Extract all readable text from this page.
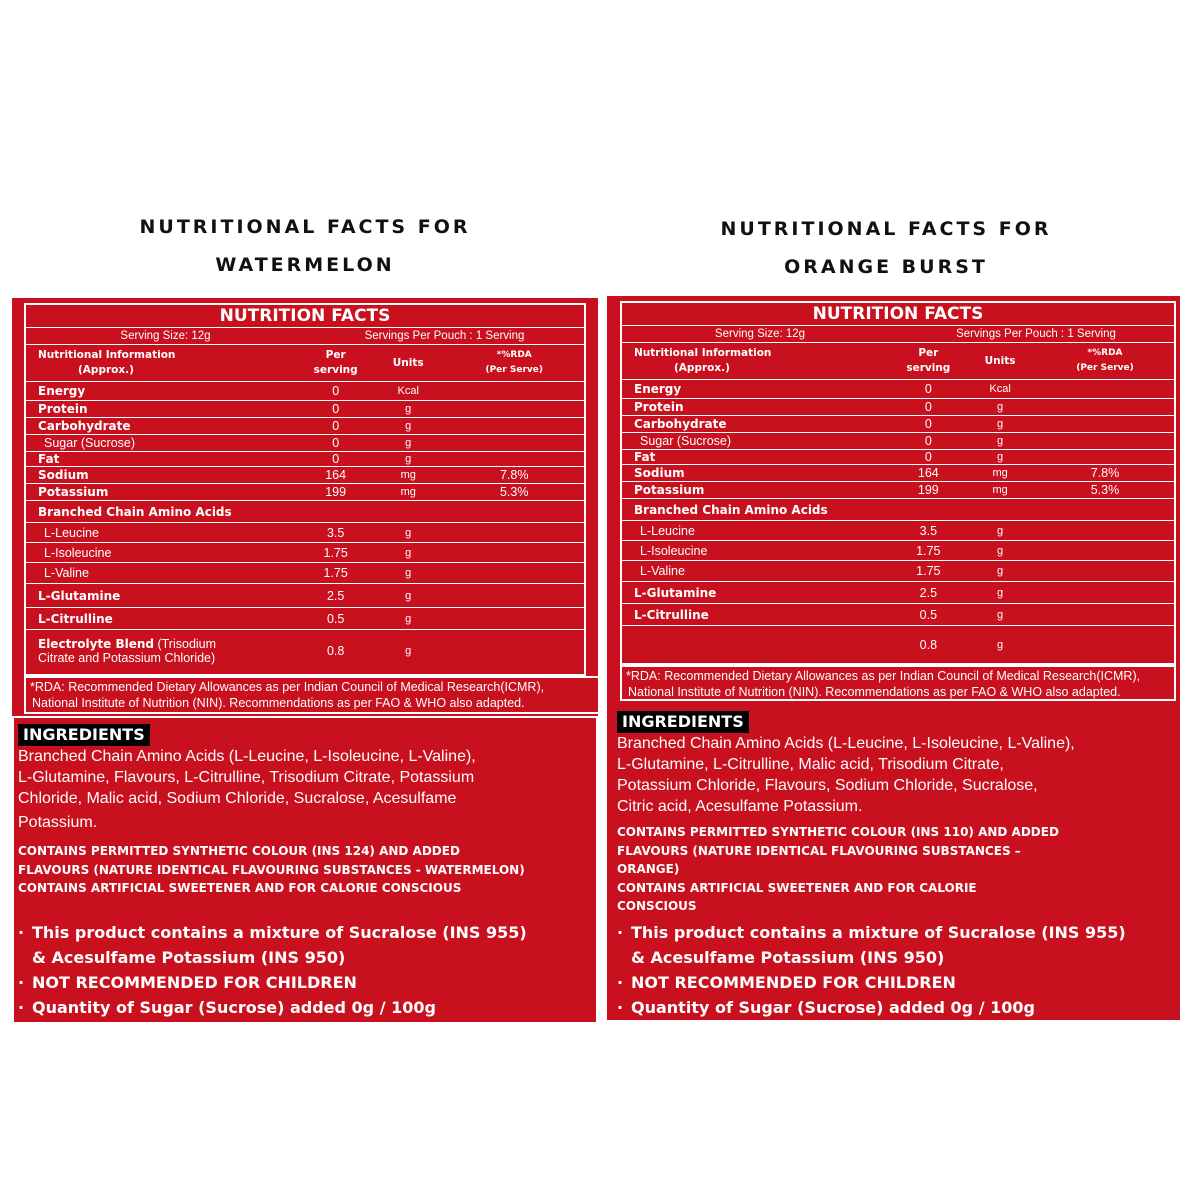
NUTRITIONAL FACTS FOR
WATERMELON
NUTRITION FACTS
Serving Size: 12g	Servings Per Pouch : 1 Serving
Nutritional Information
(Approx.)
Per
serving
Units
*%RDA
(Per Serve)
Energy	0	Kcal
Protein	0	g
Carbohydrate	0	g
Sugar (Sucrose)	0	g
Fat	0	g
Sodium	164	mg	7.8%
Potassium	199	mg	5.3%
Branched Chain Amino Acids
L-Leucine	3.5	g
L-Isoleucine	1.75	g
L-Valine	1.75	g
L-Glutamine	2.5	g
L-Citrulline	0.5	g
Electrolyte Blend (Trisodium
Citrate and Potassium Chloride)	0.8	g
*RDA: Recommended Dietary Allowances as per Indian Council of Medical Research(ICMR),
National Institute of Nutrition (NIN). Recommendations as per FAO & WHO also adapted.
INGREDIENTS
Branched Chain Amino Acids (L-Leucine, L-Isoleucine, L-Valine),
L-Glutamine, Flavours, L-Citrulline, Trisodium Citrate, Potassium
Chloride, Malic acid, Sodium Chloride, Sucralose, Acesulfame
Potassium.
CONTAINS PERMITTED SYNTHETIC COLOUR (INS 124) AND ADDED
FLAVOURS (NATURE IDENTICAL FLAVOURING SUBSTANCES - WATERMELON)
CONTAINS ARTIFICIAL SWEETENER AND FOR CALORIE CONSCIOUS
· This product contains a mixture of Sucralose (INS 955)
& Acesulfame Potassium (INS 950)
· NOT RECOMMENDED FOR CHILDREN
· Quantity of Sugar (Sucrose) added 0g / 100g
NUTRITIONAL FACTS FOR
ORANGE BURST
NUTRITION FACTS
Serving Size: 12g	Servings Per Pouch : 1 Serving
Nutritional Information
(Approx.)
Per
serving
Units
*%RDA
(Per Serve)
Energy	0	Kcal
Protein	0	g
Carbohydrate	0	g
Sugar (Sucrose)	0	g
Fat	0	g
Sodium	164	mg	7.8%
Potassium	199	mg	5.3%
Branched Chain Amino Acids
L-Leucine	3.5	g
L-Isoleucine	1.75	g
L-Valine	1.75	g
L-Glutamine	2.5	g
L-Citrulline	0.5	g
0.8	g
*RDA: Recommended Dietary Allowances as per Indian Council of Medical Research(ICMR),
National Institute of Nutrition (NIN). Recommendations as per FAO & WHO also adapted.
INGREDIENTS
Branched Chain Amino Acids (L-Leucine, L-Isoleucine, L-Valine),
L-Glutamine, L-Citrulline, Malic acid, Trisodium Citrate,
Potassium Chloride, Flavours, Sodium Chloride, Sucralose,
Citric acid, Acesulfame Potassium.
CONTAINS PERMITTED SYNTHETIC COLOUR (INS 110) AND ADDED
FLAVOURS (NATURE IDENTICAL FLAVOURING SUBSTANCES –
ORANGE)
CONTAINS ARTIFICIAL SWEETENER AND FOR CALORIE
CONSCIOUS
· This product contains a mixture of Sucralose (INS 955)
& Acesulfame Potassium (INS 950)
· NOT RECOMMENDED FOR CHILDREN
· Quantity of Sugar (Sucrose) added 0g / 100g
